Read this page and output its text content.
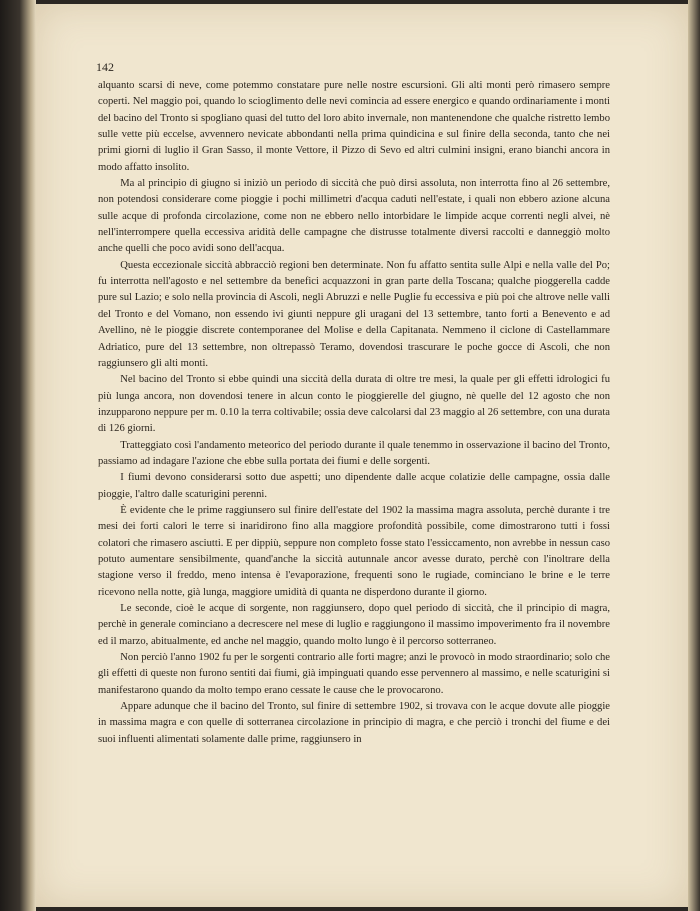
142

alquanto scarsi di neve, come potemmo constatare pure nelle nostre escursioni. Gli alti monti però rimasero sempre coperti. Nel maggio poi, quando lo scioglimento delle nevi comincia ad essere energico e quando ordinariamente i monti del bacino del Tronto si spogliano quasi del tutto del loro abito invernale, non mantenendone che qualche ristretto lembo sulle vette più eccelse, avvennero nevicate abbondanti nella prima quindicina e sul finire della seconda, tanto che nei primi giorni di luglio il Gran Sasso, il monte Vettore, il Pizzo di Sevo ed altri culmini insigni, erano bianchi ancora in modo affatto insolito.

Ma al principio di giugno si iniziò un periodo di siccità che può dirsi assoluta, non interrotta fino al 26 settembre, non potendosi considerare come pioggie i pochi millimetri d'acqua caduti nell'estate, i quali non ebbero azione alcuna sulle acque di profonda circolazione, come non ne ebbero nello intorbidare le limpide acque correnti negli alvei, nè nell'interrompere quella eccessiva aridità delle campagne che distrusse totalmente diversi raccolti e danneggiò molto anche quelli che poco avidi sono dell'acqua.

Questa eccezionale siccità abbracciò regioni ben determinate. Non fu affatto sentita sulle Alpi e nella valle del Po; fu interrotta nell'agosto e nel settembre da benefici acquazzoni in gran parte della Toscana; qualche pioggerella cadde pure sul Lazio; e solo nella provincia di Ascoli, negli Abruzzi e nelle Puglie fu eccessiva e più poi che altrove nelle valli del Tronto e del Vomano, non essendo ivi giunti neppure gli uragani del 13 settembre, tanto forti a Benevento e ad Avellino, nè le pioggie discrete contemporanee del Molise e della Capitanata. Nemmeno il ciclone di Castellammare Adriatico, pure del 13 settembre, non oltrepassò Teramo, dovendosi trascurare le poche gocce di Ascoli, che non raggiunsero gli alti monti.

Nel bacino del Tronto si ebbe quindi una siccità della durata di oltre tre mesi, la quale per gli effetti idrologici fu più lunga ancora, non dovendosi tenere in alcun conto le pioggierelle del giugno, nè quelle del 12 agosto che non inzupparono neppure per m. 0.10 la terra coltivabile; ossia deve calcolarsi dal 23 maggio al 26 settembre, con una durata di 126 giorni.

Tratteggiato così l'andamento meteorico del periodo durante il quale tenemmo in osservazione il bacino del Tronto, passiamo ad indagare l'azione che ebbe sulla portata dei fiumi e delle sorgenti.

I fiumi devono considerarsi sotto due aspetti; uno dipendente dalle acque colatizie delle campagne, ossia dalle pioggie, l'altro dalle scaturigini perenni.

È evidente che le prime raggiunsero sul finire dell'estate del 1902 la massima magra assoluta, perchè durante i tre mesi dei forti calori le terre si inaridirono fino alla maggiore profondità possibile, come dimostrarono tutti i fossi colatori che rimasero asciutti. E per dippiù, seppure non completo fosse stato l'essiccamento, non avrebbe in nessun caso potuto aumentare sensibilmente, quand'anche la siccità autunnale ancor avesse durato, perchè con l'inoltrare della stagione verso il freddo, meno intensa è l'evaporazione, frequenti sono le rugiade, cominciano le brine e le terre ricevono nella notte, già lunga, maggiore umidità di quanta ne disperdono durante il giorno.

Le seconde, cioè le acque di sorgente, non raggiunsero, dopo quel periodo di siccità, che il principio di magra, perchè in generale cominciano a decrescere nel mese di luglio e raggiungono il massimo impoverimento fra il novembre ed il marzo, abitualmente, ed anche nel maggio, quando molto lungo è il percorso sotterraneo.

Non perciò l'anno 1902 fu per le sorgenti contrario alle forti magre; anzi le provocò in modo straordinario; solo che gli effetti di queste non furono sentiti dai fiumi, già impinguati quando esse pervennero al massimo, e nelle scaturigini si manifestarono quando da molto tempo erano cessate le cause che le provocarono.

Appare adunque che il bacino del Tronto, sul finire di settembre 1902, si trovava con le acque dovute alle pioggie in massima magra e con quelle di sotterranea circolazione in principio di magra, e che perciò i tronchi del fiume e dei suoi influenti alimentati solamente dalle prime, raggiunsero in
